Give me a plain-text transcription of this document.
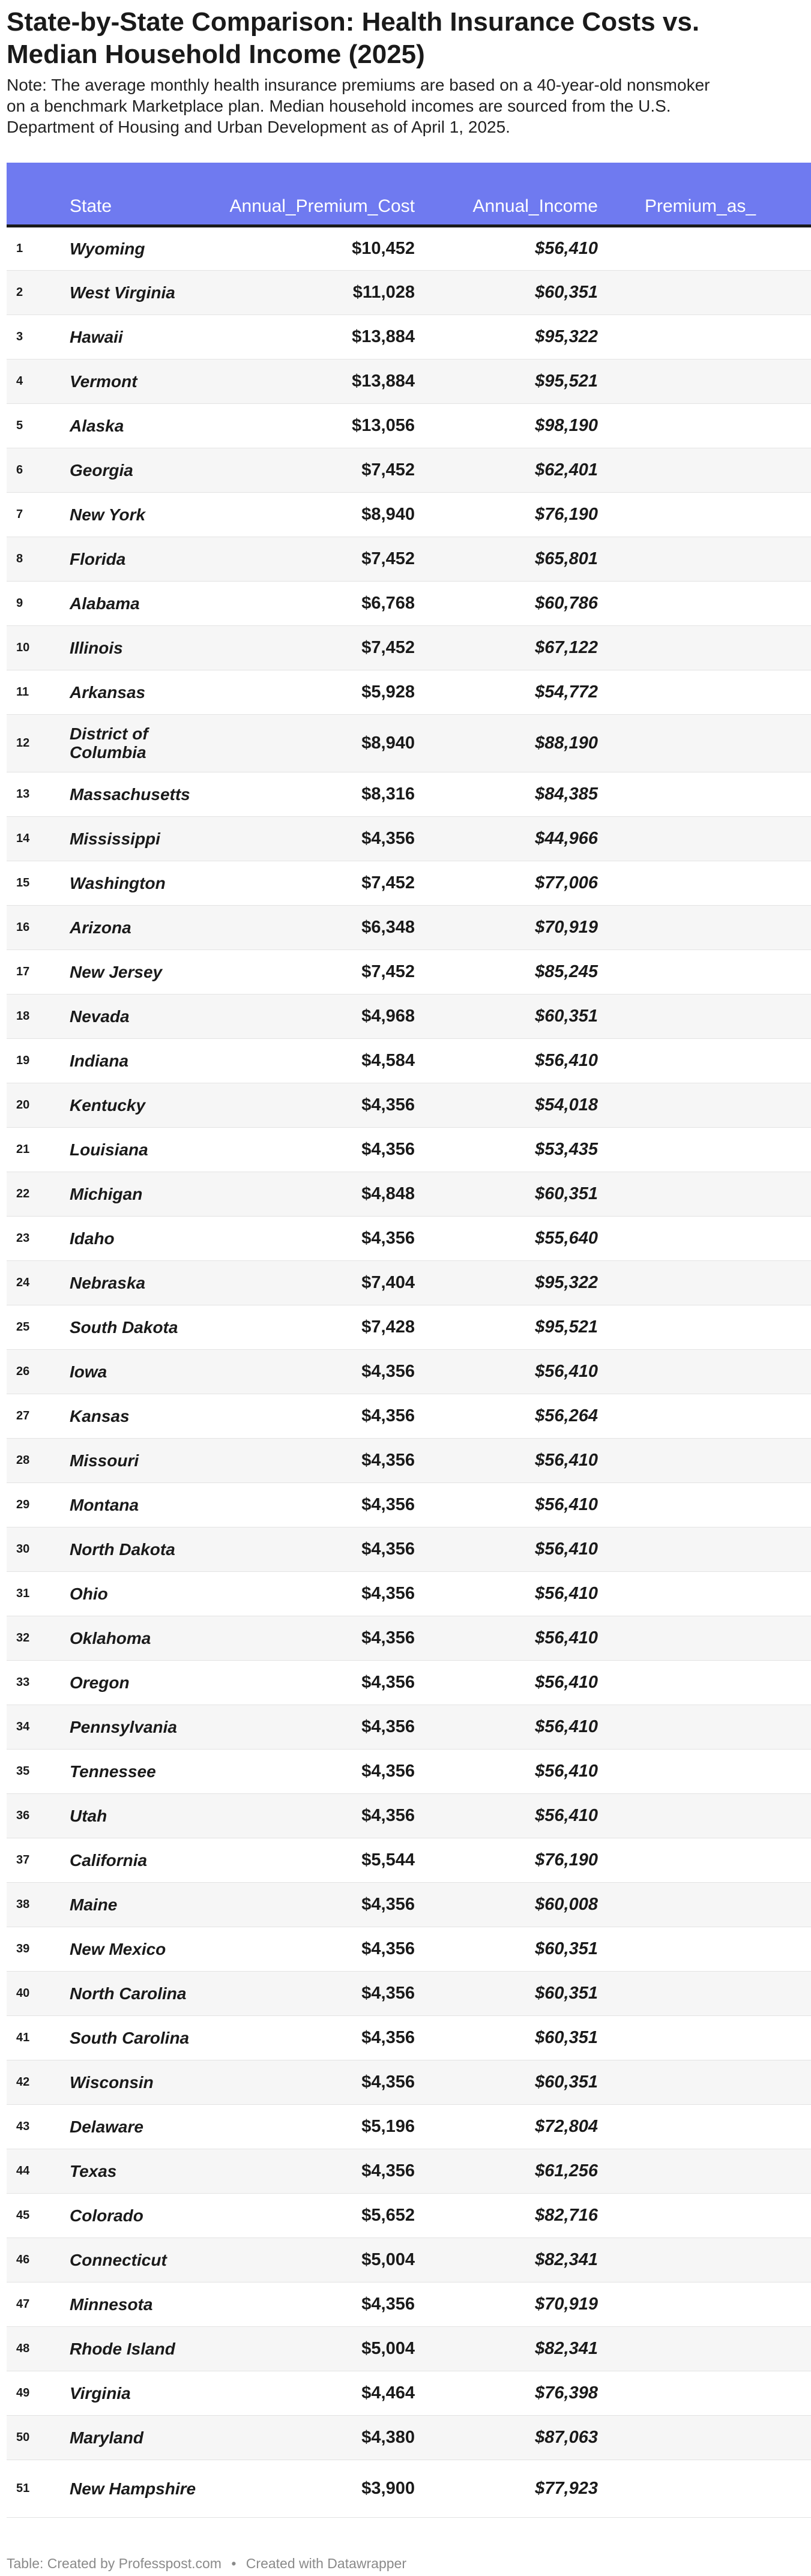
State-by-State Comparison: Health Insurance Costs vs. Median Household Income (2025)
Note: The average monthly health insurance premiums are based on a 40-year-old nonsmoker on a benchmark Marketplace plan. Median household incomes are sourced from the U.S. Department of Housing and Urban Development as of April 1, 2025.
	State	Annual_Premium_Cost	Annual_Income	Premium_as_
1	Wyoming	$10,452	$56,410	
2	West Virginia	$11,028	$60,351	
3	Hawaii	$13,884	$95,322	
4	Vermont	$13,884	$95,521	
5	Alaska	$13,056	$98,190	
6	Georgia	$7,452	$62,401	
7	New York	$8,940	$76,190	
8	Florida	$7,452	$65,801	
9	Alabama	$6,768	$60,786	
10	Illinois	$7,452	$67,122	
11	Arkansas	$5,928	$54,772	
12	District of Columbia	$8,940	$88,190	
13	Massachusetts	$8,316	$84,385	
14	Mississippi	$4,356	$44,966	
15	Washington	$7,452	$77,006	
16	Arizona	$6,348	$70,919	
17	New Jersey	$7,452	$85,245	
18	Nevada	$4,968	$60,351	
19	Indiana	$4,584	$56,410	
20	Kentucky	$4,356	$54,018	
21	Louisiana	$4,356	$53,435	
22	Michigan	$4,848	$60,351	
23	Idaho	$4,356	$55,640	
24	Nebraska	$7,404	$95,322	
25	South Dakota	$7,428	$95,521	
26	Iowa	$4,356	$56,410	
27	Kansas	$4,356	$56,264	
28	Missouri	$4,356	$56,410	
29	Montana	$4,356	$56,410	
30	North Dakota	$4,356	$56,410	
31	Ohio	$4,356	$56,410	
32	Oklahoma	$4,356	$56,410	
33	Oregon	$4,356	$56,410	
34	Pennsylvania	$4,356	$56,410	
35	Tennessee	$4,356	$56,410	
36	Utah	$4,356	$56,410	
37	California	$5,544	$76,190	
38	Maine	$4,356	$60,008	
39	New Mexico	$4,356	$60,351	
40	North Carolina	$4,356	$60,351	
41	South Carolina	$4,356	$60,351	
42	Wisconsin	$4,356	$60,351	
43	Delaware	$5,196	$72,804	
44	Texas	$4,356	$61,256	
45	Colorado	$5,652	$82,716	
46	Connecticut	$5,004	$82,341	
47	Minnesota	$4,356	$70,919	
48	Rhode Island	$5,004	$82,341	
49	Virginia	$4,464	$76,398	
50	Maryland	$4,380	$87,063	
51	New Hampshire	$3,900	$77,923	
Table: Created by Professpost.com • Created with Datawrapper
